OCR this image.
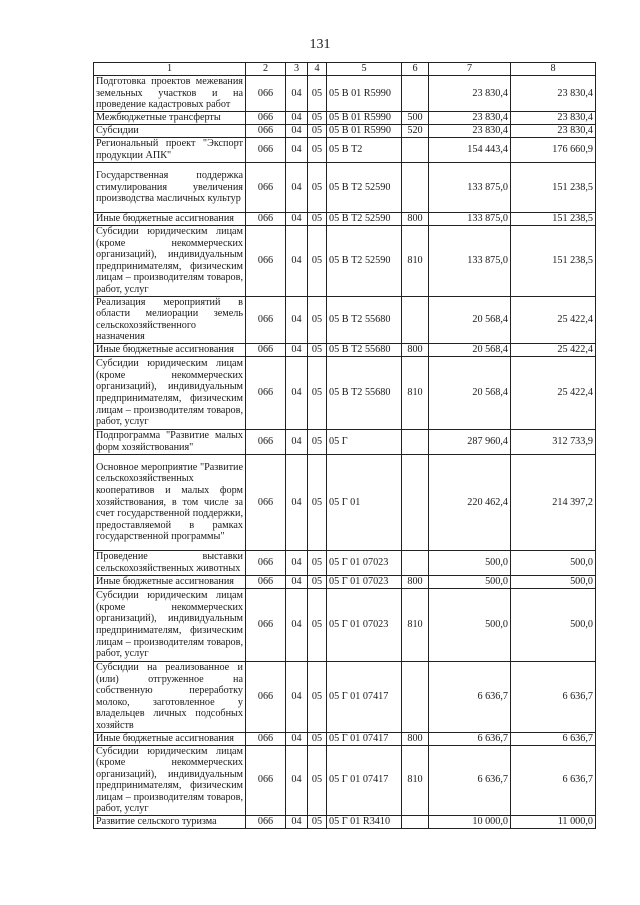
131
1	2	3	4	5	6	7	8
Подготовка проектов межевания земельных участков и на проведение кадастровых работ	066	04	05	05 В 01 R5990		23 830,4	23 830,4
Межбюджетные трансферты	066	04	05	05 В 01 R5990	500	23 830,4	23 830,4
Субсидии	066	04	05	05 В 01 R5990	520	23 830,4	23 830,4
Региональный проект "Экспорт продукции АПК"	066	04	05	05 В Т2		154 443,4	176 660,9
Государственная поддержка стимулирования увеличения производства масличных культур	066	04	05	05 В Т2 52590		133 875,0	151 238,5
Иные бюджетные ассигнования	066	04	05	05 В Т2 52590	800	133 875,0	151 238,5
Субсидии юридическим лицам (кроме некоммерческих организаций), индивидуальным предпринимателям, физическим лицам – производителям товаров, работ, услуг	066	04	05	05 В Т2 52590	810	133 875,0	151 238,5
Реализация мероприятий в области мелиорации земель сельскохозяйственного назначения	066	04	05	05 В Т2 55680		20 568,4	25 422,4
Иные бюджетные ассигнования	066	04	05	05 В Т2 55680	800	20 568,4	25 422,4
Субсидии юридическим лицам (кроме некоммерческих организаций), индивидуальным предпринимателям, физическим лицам – производителям товаров, работ, услуг	066	04	05	05 В Т2 55680	810	20 568,4	25 422,4
Подпрограмма "Развитие малых форм хозяйствования"	066	04	05	05 Г		287 960,4	312 733,9
Основное мероприятие "Развитие сельскохозяйственных кооперативов и малых форм хозяйствования, в том числе за счет государственной поддержки, предоставляемой в рамках государственной программы"	066	04	05	05 Г 01		220 462,4	214 397,2
Проведение выставки сельскохозяйственных животных	066	04	05	05 Г 01 07023		500,0	500,0
Иные бюджетные ассигнования	066	04	05	05 Г 01 07023	800	500,0	500,0
Субсидии юридическим лицам (кроме некоммерческих организаций), индивидуальным предпринимателям, физическим лицам – производителям товаров, работ, услуг	066	04	05	05 Г 01 07023	810	500,0	500,0
Субсидии на реализованное и (или) отгруженное на собственную переработку молоко, заготовленное у владельцев личных подсобных хозяйств	066	04	05	05 Г 01 07417		6 636,7	6 636,7
Иные бюджетные ассигнования	066	04	05	05 Г 01 07417	800	6 636,7	6 636,7
Субсидии юридическим лицам (кроме некоммерческих организаций), индивидуальным предпринимателям, физическим лицам – производителям товаров, работ, услуг	066	04	05	05 Г 01 07417	810	6 636,7	6 636,7
Развитие сельского туризма	066	04	05	05 Г 01 R3410		10 000,0	11 000,0
